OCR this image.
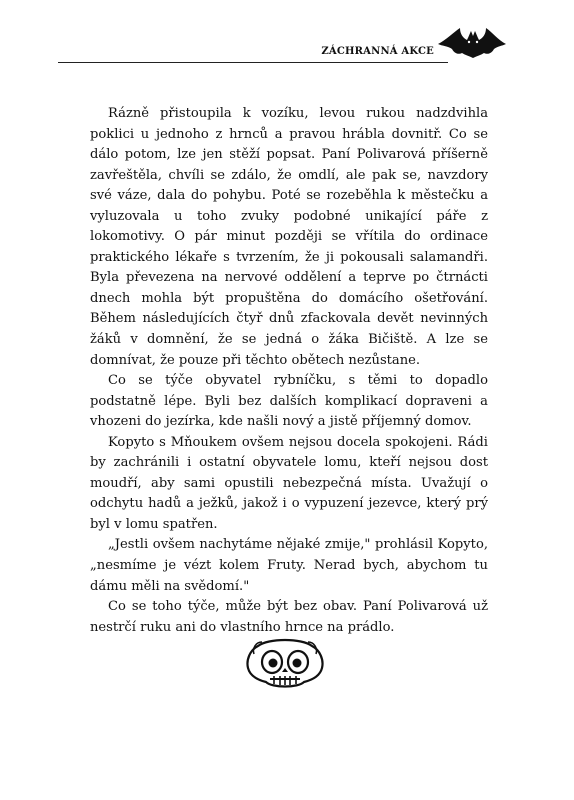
ZÁCHRANNÁ AKCE

Rázně přistoupila k vozíku, levou rukou nadzdvihla poklici u jednoho z hrnců a pravou hrábla dovnitř. Co se dálo potom, lze jen stěží popsat. Paní Polivarová příšerně zavřeštěla, chvíli se zdálo, že omdlí, ale pak se, navzdory své váze, dala do pohybu. Poté se rozeběhla k městečku a vyluzovala u toho zvuky podobné unikající páře z lokomotivy. O pár minut později se vřítila do ordinace praktického lékaře s tvrzením, že ji pokousali salamandři. Byla převezena na nervové oddělení a teprve po čtrnácti dnech mohla být propuštěna do domácího ošetřování. Během následujících čtyř dnů zfackovala devět nevinných žáků v domnění, že se jedná o žáka Bičiště. A lze se domnívat, že pouze při těchto obětech nezůstane.

Co se týče obyvatel rybníčku, s těmi to dopadlo podstatně lépe. Byli bez dalších komplikací dopraveni a vhozeni do jezírka, kde našli nový a jistě příjemný domov.

Kopyto s Mňoukem ovšem nejsou docela spokojeni. Rádi by zachránili i ostatní obyvatele lomu, kteří nejsou dost moudří, aby sami opustili nebezpečná místa. Uvažují o odchytu hadů a ježků, jakož i o vypuzení jezevce, který prý byl v lomu spatřen.

„Jestli ovšem nachytáme nějaké zmije," prohlásil Kopyto, „nesmíme je vézt kolem Fruty. Nerad bych, abychom tu dámu měli na svědomí."

Co se toho týče, může být bez obav. Paní Polivarová už nestrčí ruku ani do vlastního hrnce na prádlo.
